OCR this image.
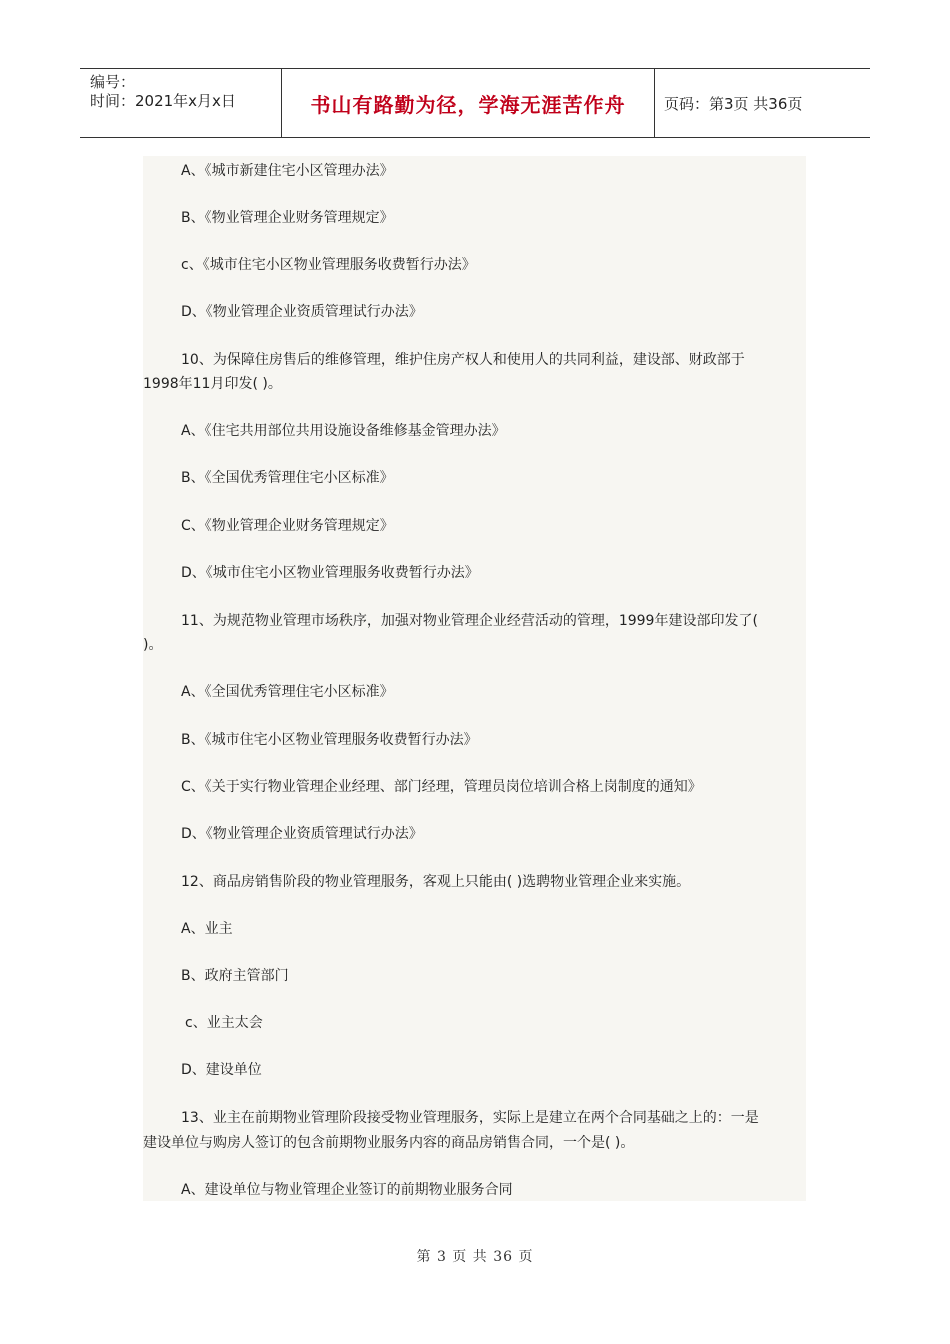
编号：
时间：2021年x月x日	书山有路勤为径，学海无涯苦作舟	页码：第3页 共36页
A、《城市新建住宅小区管理办法》
B、《物业管理企业财务管理规定》
c、《城市住宅小区物业管理服务收费暂行办法》
D、《物业管理企业资质管理试行办法》
10、为保障住房售后的维修管理，维护住房产权人和使用人的共同利益，建设部、财政部于
1998年11月印发( )。
A、《住宅共用部位共用设施设备维修基金管理办法》
B、《全国优秀管理住宅小区标准》
C、《物业管理企业财务管理规定》
D、《城市住宅小区物业管理服务收费暂行办法》
11、为规范物业管理市场秩序，加强对物业管理企业经营活动的管理，1999年建设部印发了(
)。
A、《全国优秀管理住宅小区标准》
B、《城市住宅小区物业管理服务收费暂行办法》
C、《关于实行物业管理企业经理、部门经理，管理员岗位培训合格上岗制度的通知》
D、《物业管理企业资质管理试行办法》
12、商品房销售阶段的物业管理服务，客观上只能由( )选聘物业管理企业来实施。
A、业主
B、政府主管部门
c、业主太会
D、建设单位
13、业主在前期物业管理阶段接受物业管理服务，实际上是建立在两个合同基础之上的：一是
建设单位与购房人签订的包含前期物业服务内容的商品房销售合同，一个是( )。
A、建设单位与物业管理企业签订的前期物业服务合同
第 3 页 共 36 页
